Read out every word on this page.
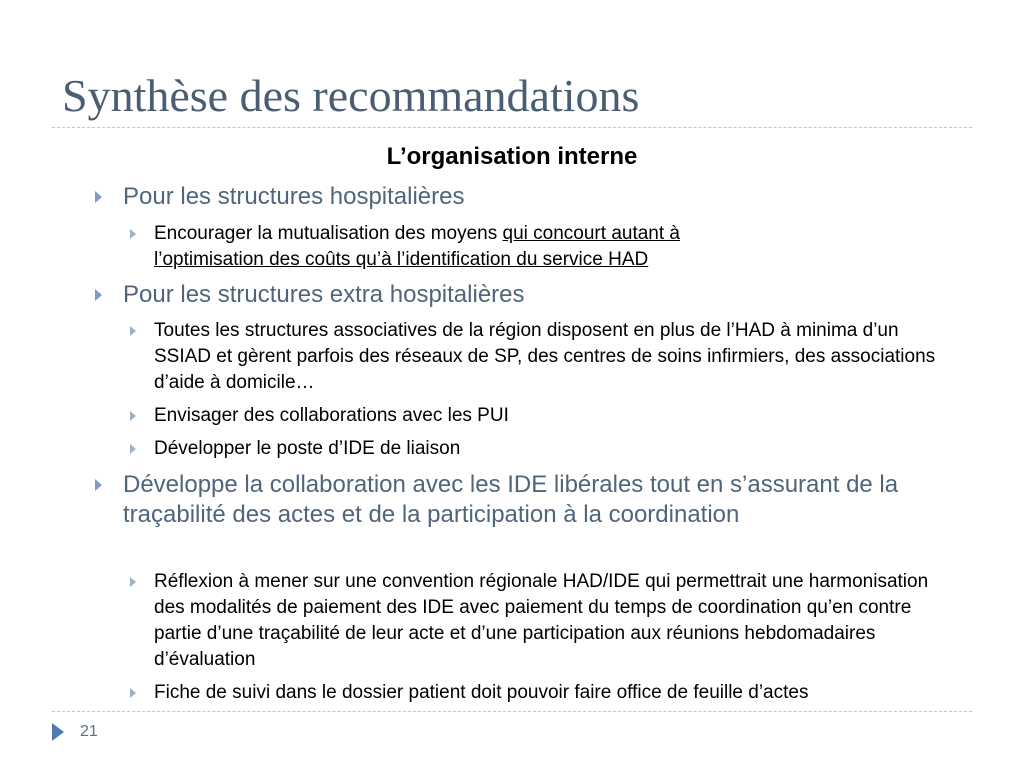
Synthèse des recommandations
L’organisation interne
Pour les structures hospitalières
Encourager la mutualisation des moyens qui concourt autant à
l’optimisation des coûts qu’à l’identification du service HAD
Pour les structures extra hospitalières
Toutes les structures associatives de la région disposent en plus de l’HAD à minima d’un SSIAD et gèrent parfois des réseaux de SP, des centres de soins infirmiers, des associations d’aide à domicile…
Envisager des collaborations avec les PUI
Développer le poste d’IDE de liaison
Développe la collaboration avec les IDE libérales tout en s’assurant de la traçabilité des actes et de la participation à la coordination
Réflexion à mener sur une convention régionale HAD/IDE qui permettrait une harmonisation des modalités de paiement des IDE avec paiement du temps de coordination qu’en contre partie d’une traçabilité de leur acte et d’une participation aux réunions hebdomadaires d’évaluation
Fiche de suivi dans le dossier patient doit pouvoir faire office de feuille d’actes
21
